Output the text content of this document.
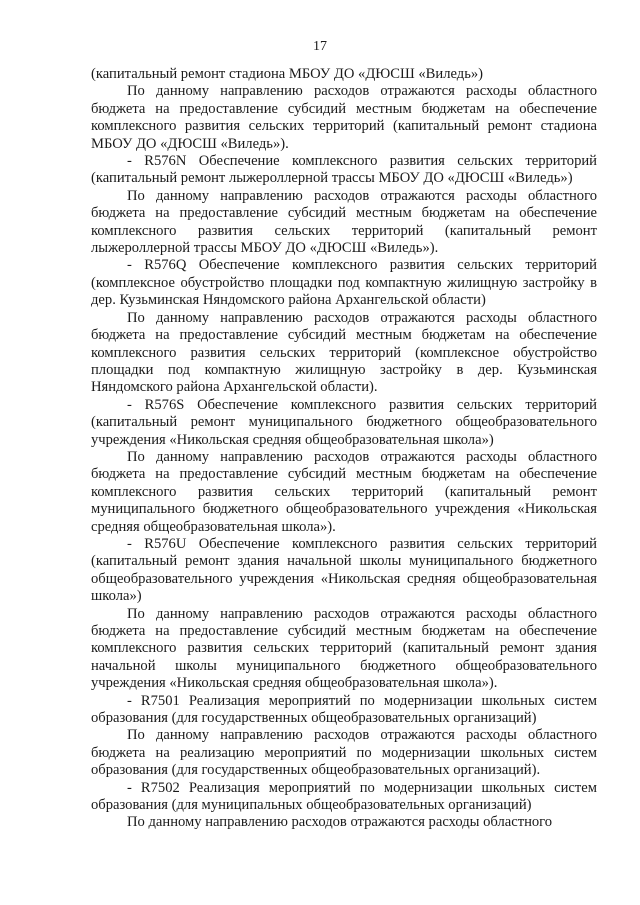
17

(капитальный ремонт стадиона МБОУ ДО «ДЮСШ «Виледь»)

По данному направлению расходов отражаются расходы областного бюджета на предоставление субсидий местным бюджетам на обеспечение комплексного развития сельских территорий (капитальный ремонт стадиона МБОУ ДО «ДЮСШ «Виледь»).

- R576N Обеспечение комплексного развития сельских территорий (капитальный ремонт лыжероллерной трассы МБОУ ДО «ДЮСШ «Виледь»)

По данному направлению расходов отражаются расходы областного бюджета на предоставление субсидий местным бюджетам на обеспечение комплексного развития сельских территорий (капитальный ремонт лыжероллерной трассы МБОУ ДО «ДЮСШ «Виледь»).

- R576Q Обеспечение комплексного развития сельских территорий (комплексное обустройство площадки под компактную жилищную застройку в дер. Кузьминская Няндомского района Архангельской области)

По данному направлению расходов отражаются расходы областного бюджета на предоставление субсидий местным бюджетам на обеспечение комплексного развития сельских территорий (комплексное обустройство площадки под компактную жилищную застройку в дер. Кузьминская Няндомского района Архангельской области).

- R576S Обеспечение комплексного развития сельских территорий (капитальный ремонт муниципального бюджетного общеобразовательного учреждения «Никольская средняя общеобразовательная школа»)

По данному направлению расходов отражаются расходы областного бюджета на предоставление субсидий местным бюджетам на обеспечение комплексного развития сельских территорий (капитальный ремонт муниципального бюджетного общеобразовательного учреждения «Никольская средняя общеобразовательная школа»).

- R576U Обеспечение комплексного развития сельских территорий (капитальный ремонт здания начальной школы муниципального бюджетного общеобразовательного учреждения «Никольская средняя общеобразовательная школа»)

По данному направлению расходов отражаются расходы областного бюджета на предоставление субсидий местным бюджетам на обеспечение комплексного развития сельских территорий (капитальный ремонт здания начальной школы муниципального бюджетного общеобразовательного учреждения «Никольская средняя общеобразовательная школа»).

- R7501 Реализация мероприятий по модернизации школьных систем образования (для государственных общеобразовательных организаций)

По данному направлению расходов отражаются расходы областного бюджета на реализацию мероприятий по модернизации школьных систем образования (для государственных общеобразовательных организаций).

- R7502 Реализация мероприятий по модернизации школьных систем образования (для муниципальных общеобразовательных организаций)

По данному направлению расходов отражаются расходы областного
